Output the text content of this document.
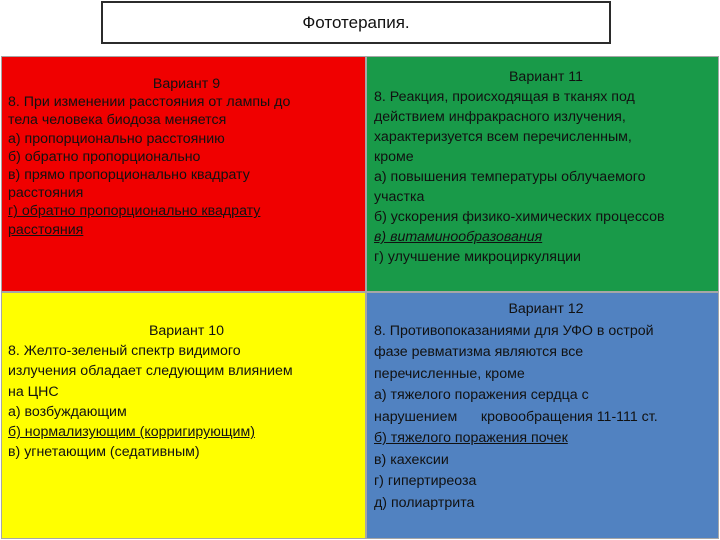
Фототерапия.
Вариант 9
8. При изменении расстояния от лампы до
тела человека биодоза меняется
а) пропорционально расстоянию
б) обратно пропорционально
в) прямо пропорционально квадрату
расстояния
г) обратно пропорционально квадрату
расстояния
Вариант 11
8. Реакция, происходящая в тканях под
действием инфракрасного излучения,
характеризуется всем перечисленным,
кроме
а) повышения температуры облучаемого
участка
б) ускорения физико-химических процессов
в) витаминообразования
г) улучшение микроциркуляции
Вариант 10
8. Желто-зеленый спектр видимого
излучения обладает следующим влиянием
на ЦНС
а) возбуждающим
б) нормализующим (корригирующим)
в) угнетающим (седативным)
Вариант 12
8. Противопоказаниями для УФО в острой
фазе ревматизма являются все
перечисленные, кроме
а) тяжелого поражения сердца с
нарушением      кровообращения 11-111 ст.
б) тяжелого поражения почек
в) кахексии
г) гипертиреоза
д) полиартрита
